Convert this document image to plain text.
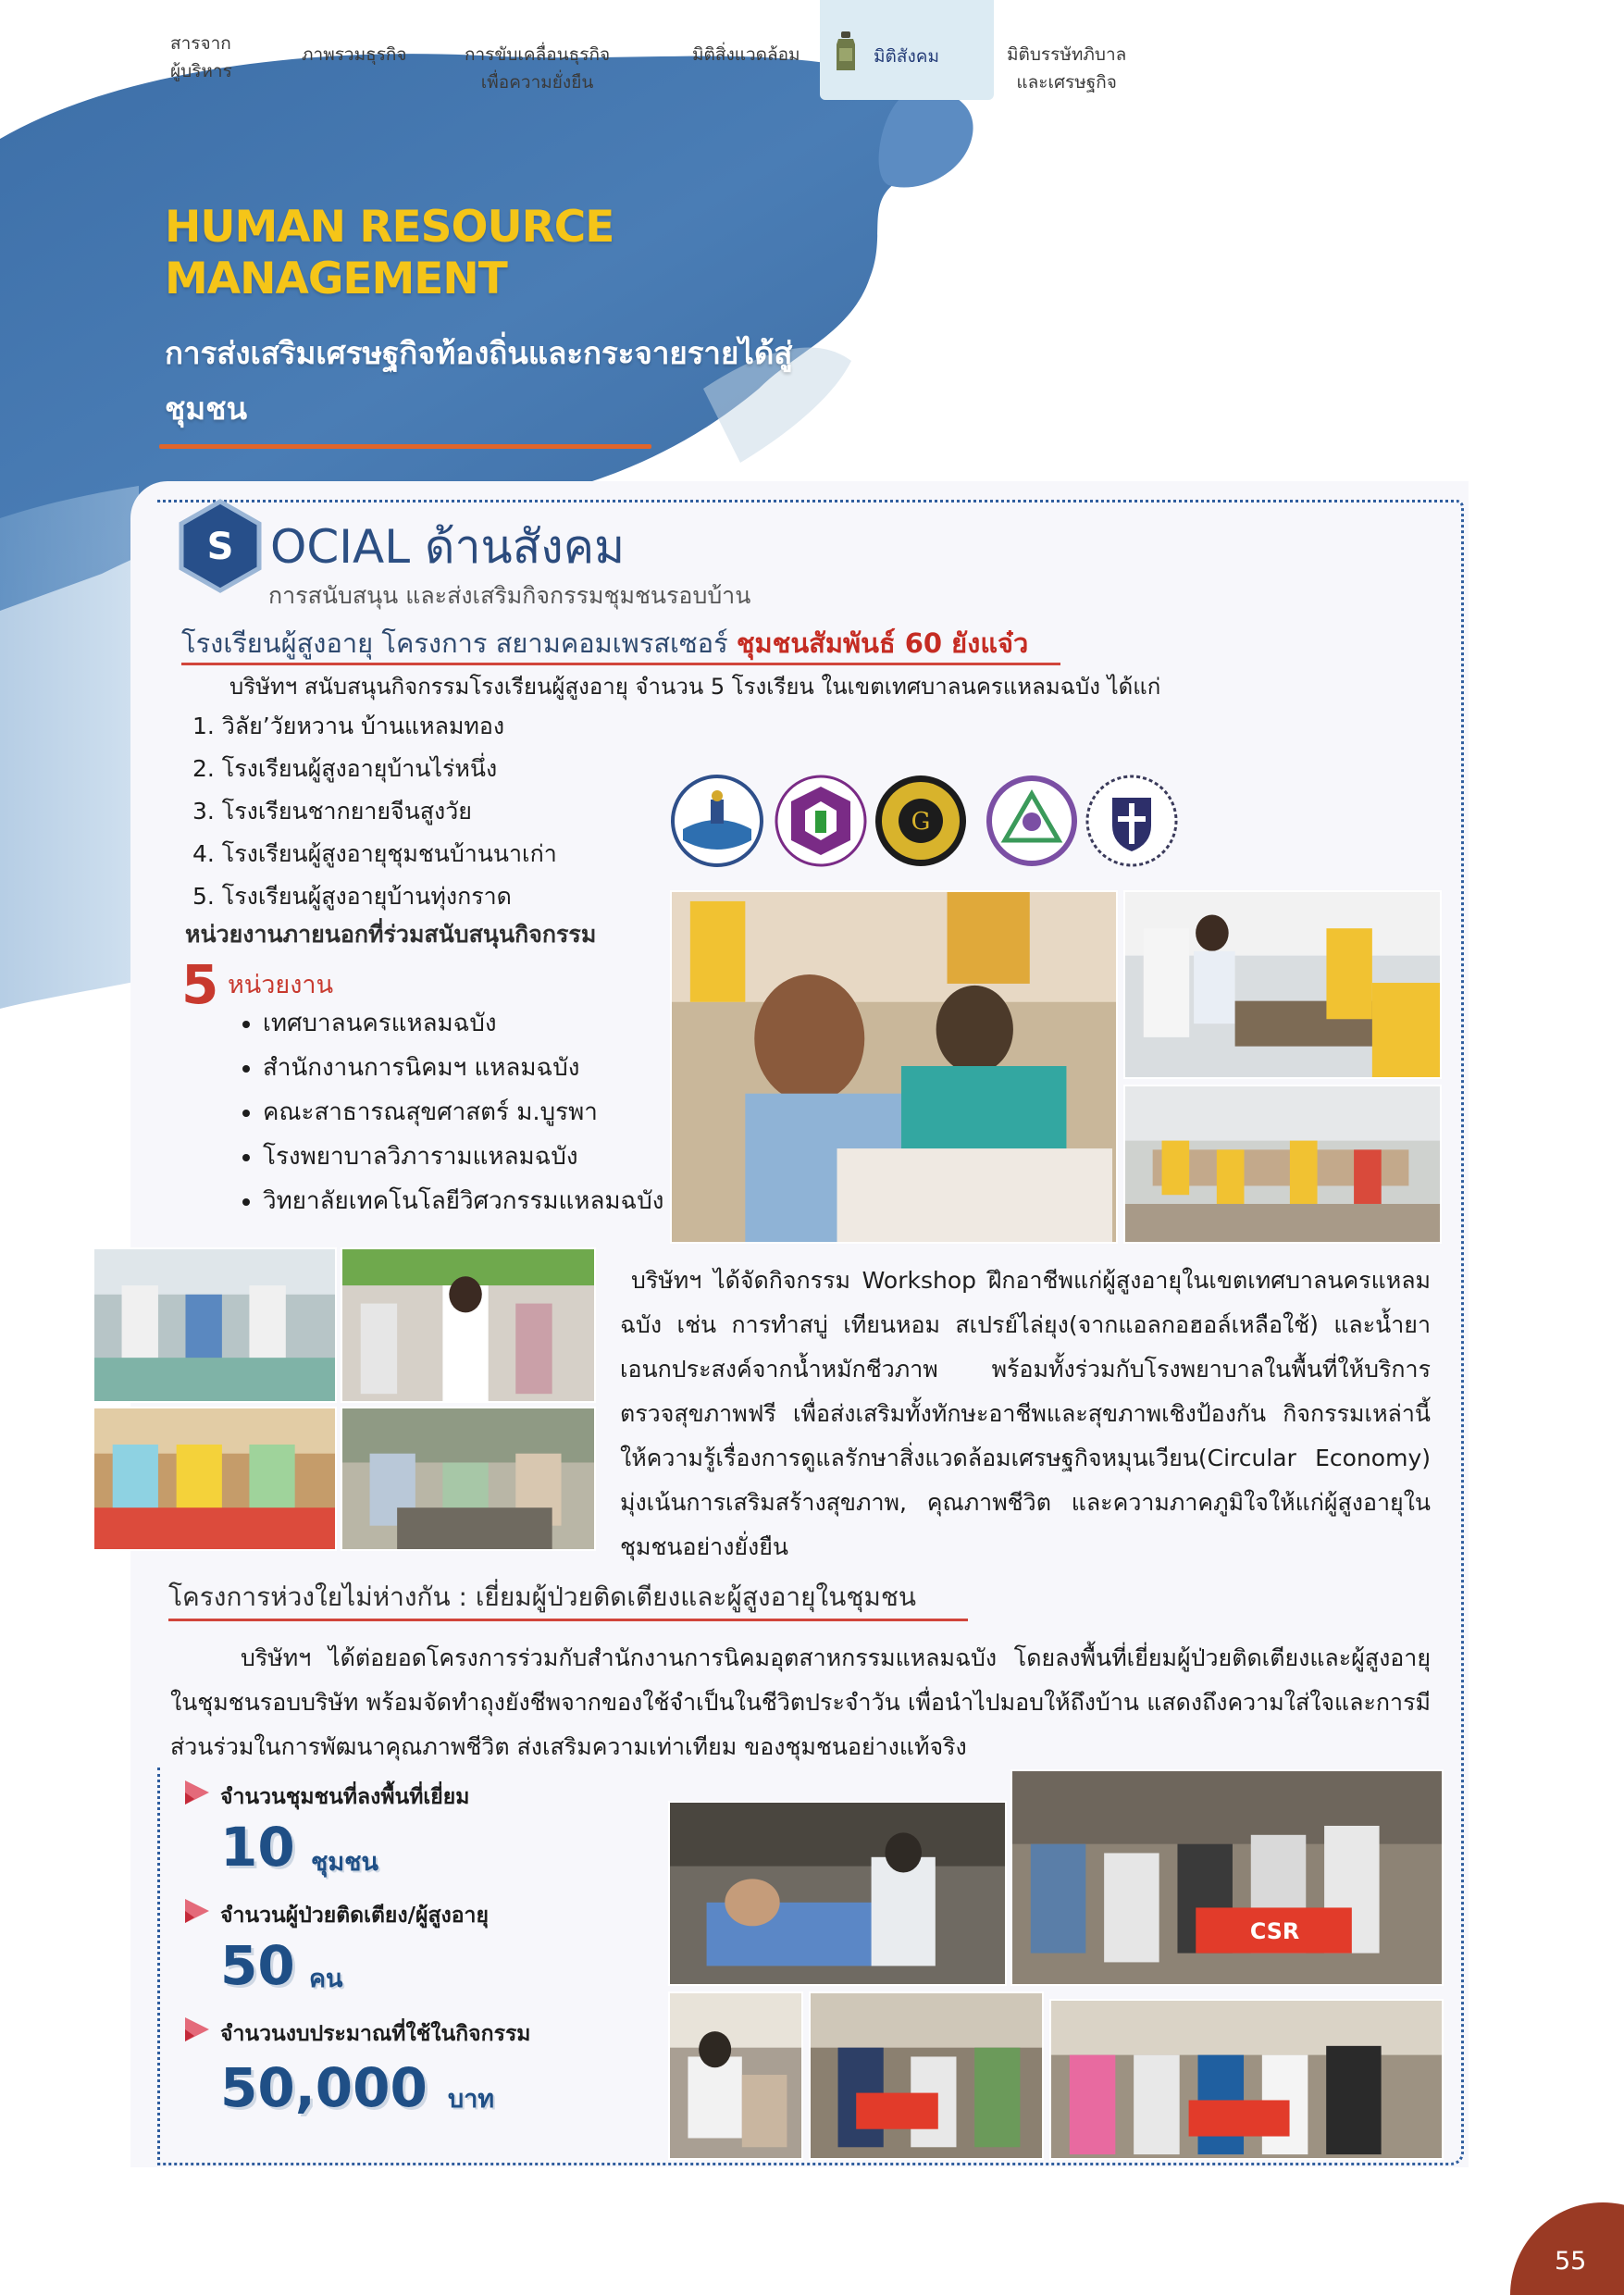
สารจาก
ผู้บริหาร
ภาพรวมธุรกิจ	การขับเคลื่อนธุรกิจ
เพื่อความยั่งยืน
มิติสิ่งแวดล้อม	มิติสังคม	มิติบรรษัทภิบาล
และเศรษฐกิจ
HUMAN RESOURCE
MANAGEMENT
การส่งเสริมเศรษฐกิจท้องถิ่นและกระจายรายได้สู่ชุมชน
S OCIAL ด้านสังคม
การสนับสนุน และส่งเสริมกิจกรรมชุมชนรอบบ้าน
โรงเรียนผู้สูงอายุ โครงการ สยามคอมเพรสเซอร์ ชุมชนสัมพันธ์ 60 ยังแจ๋ว
บริษัทฯ สนับสนุนกิจกรรมโรงเรียนผู้สูงอายุ จำนวน 5 โรงเรียน ในเขตเทศบาลนครแหลมฉบัง ได้แก่
1. วิลัย’วัยหวาน บ้านแหลมทอง
2. โรงเรียนผู้สูงอายุบ้านไร่หนึ่ง
3. โรงเรียนชากยายจีนสูงวัย
4. โรงเรียนผู้สูงอายุชุมชนบ้านนาเก่า
5. โรงเรียนผู้สูงอายุบ้านทุ่งกราด
หน่วยงานภายนอกที่ร่วมสนับสนุนกิจกรรม
5 หน่วยงาน
• เทศบาลนครแหลมฉบัง
• สำนักงานการนิคมฯ แหลมฉบัง
• คณะสาธารณสุขศาสตร์ ม.บูรพา
• โรงพยาบาลวิภารามแหลมฉบัง
• วิทยาลัยเทคโนโลยีวิศวกรรมแหลมฉบัง
G
บริษัทฯ ได้จัดกิจกรรม Workshop ฝึกอาชีพแก่ผู้สูงอายุในเขตเทศบาลนครแหลมฉบัง เช่น การทำสบู่ เทียนหอม สเปรย์ไล่ยุง(จากแอลกอฮอล์เหลือใช้) และน้ำยาเอนกประสงค์จากน้ำหมักชีวภาพ พร้อมทั้งร่วมกับโรงพยาบาลในพื้นที่ให้บริการตรวจสุขภาพฟรี เพื่อส่งเสริมทั้งทักษะอาชีพและสุขภาพเชิงป้องกัน กิจกรรมเหล่านี้ ให้ความรู้เรื่องการดูแลรักษาสิ่งแวดล้อมเศรษฐกิจหมุนเวียน(Circular Economy) มุ่งเน้นการเสริมสร้างสุขภาพ, คุณภาพชีวิต และความภาคภูมิใจให้แก่ผู้สูงอายุในชุมชนอย่างยั่งยืน
โครงการห่วงใยไม่ห่างกัน : เยี่ยมผู้ป่วยติดเตียงและผู้สูงอายุในชุมชน
บริษัทฯ ได้ต่อยอดโครงการร่วมกับสำนักงานการนิคมอุตสาหกรรมแหลมฉบัง โดยลงพื้นที่เยี่ยมผู้ป่วยติดเตียงและผู้สูงอายุในชุมชนรอบบริษัท พร้อมจัดทำถุงยังชีพจากของใช้จำเป็นในชีวิตประจำวัน เพื่อนำไปมอบให้ถึงบ้าน แสดงถึงความใส่ใจและการมีส่วนร่วมในการพัฒนาคุณภาพชีวิต ส่งเสริมความเท่าเทียม ของชุมชนอย่างแท้จริง
จำนวนชุมชนที่ลงพื้นที่เยี่ยม
10 ชุมชน
จำนวนผู้ป่วยติดเตียง/ผู้สูงอายุ
50 คน
จำนวนงบประมาณที่ใช้ในกิจกรรม
50,000 บาท
CSR
55
